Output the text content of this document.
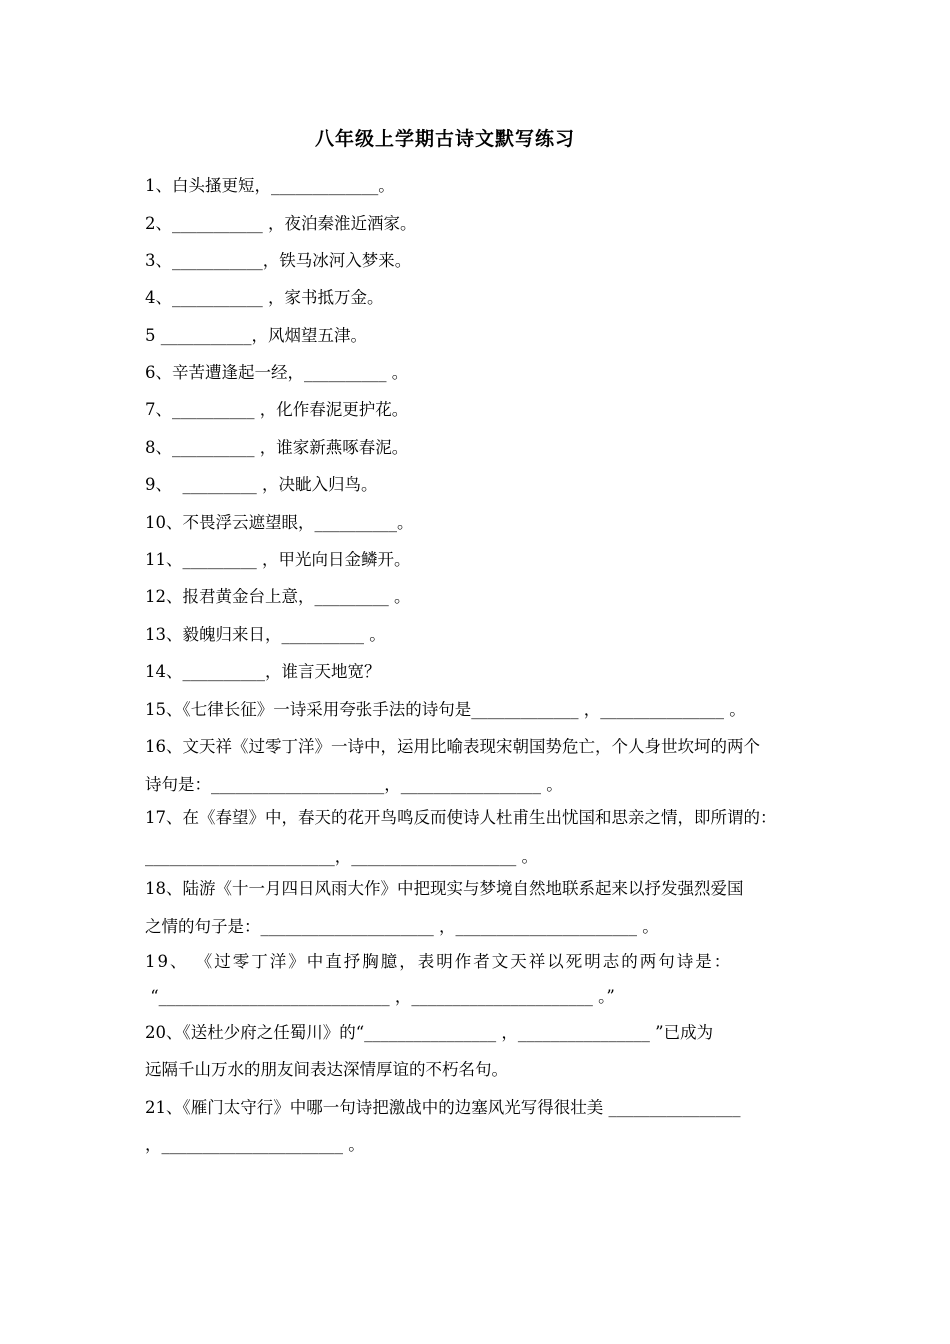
八年级上学期古诗文默写练习
1、白头搔更短，_____________。
2、___________ ，夜泊秦淮近酒家。
3、___________，铁马冰河入梦来。
4、___________ ，家书抵万金。
5 ___________，风烟望五津。
6、辛苦遭逢起一经，__________ 。
7、__________ ，化作春泥更护花。
8、__________ ，谁家新燕啄春泥。
9、  _________ ，决眦入归鸟。
10、不畏浮云遮望眼，__________。
11、_________ ，甲光向日金鳞开。
12、报君黄金台上意，_________ 。
13、毅魄归来日，__________ 。
14、__________，谁言天地宽？
15、《七律长征》一诗采用夸张手法的诗句是_____________ ，_______________ 。
16、文天祥《过零丁洋》一诗中，运用比喻表现宋朝国势危亡，个人身世坎坷的两个
诗句是：_____________________，_________________ 。
17、在《春望》中，春天的花开鸟鸣反而使诗人杜甫生出忧国和思亲之情，即所谓的：
_______________________，____________________ 。
18、陆游《十一月四日风雨大作》中把现实与梦境自然地联系起来以抒发强烈爱国
之情的句子是：_____________________ ，______________________ 。
19、 《过零丁洋》中直抒胸臆，表明作者文天祥以死明志的两句诗是：
“____________________________ ，______________________ 。”
20、《送杜少府之任蜀川》的“________________ ，________________ ”已成为
远隔千山万水的朋友间表达深情厚谊的不朽名句。
21、《雁门太守行》中哪一句诗把激战中的边塞风光写得很壮美 ________________
，______________________ 。
